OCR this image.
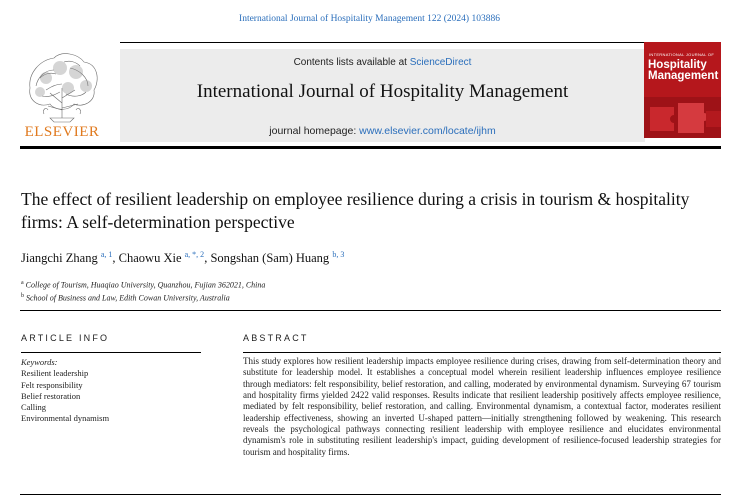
International Journal of Hospitality Management 122 (2024) 103886
ELSEVIER
Contents lists available at ScienceDirect
International Journal of Hospitality Management
journal homepage: www.elsevier.com/locate/ijhm
INTERNATIONAL JOURNAL OF
Hospitality
Management
The effect of resilient leadership on employee resilience during a crisis in tourism & hospitality firms: A self-determination perspective
Jiangchi Zhang $^{a, 1}$, Chaowu Xie $^{a, *, 2}$, Songshan (Sam) Huang $^{b, 3}$
$^a$ College of Tourism, Huaqiao University, Quanzhou, Fujian 362021, China
$^b$ School of Business and Law, Edith Cowan University, Australia
ARTICLE INFO	ABSTRACT
Keywords:
Resilient leadership
Felt responsibility
Belief restoration
Calling
Environmental dynamism

This study explores how resilient leadership impacts employee resilience during crises, drawing from self-determination theory and substitute for leadership model. It establishes a conceptual model wherein resilient leadership influences employee resilience through mediators: felt responsibility, belief restoration, and calling, moderated by environmental dynamism. Surveying 67 tourism and hospitality firms yielded 2422 valid responses. Results indicate that resilient leadership positively affects employee resilience, mediated by felt responsibility, belief restoration, and calling. Environmental dynamism, a contextual factor, moderates resilient leadership effectiveness, showing an inverted U-shaped pattern—initially strengthening followed by weakening. This research reveals the psychological pathways connecting resilient leadership with employee resilience and elucidates environmental dynamism's role in substituting resilient leadership's impact, guiding development of resilience-focused leadership strategies for tourism and hospitality firms.
